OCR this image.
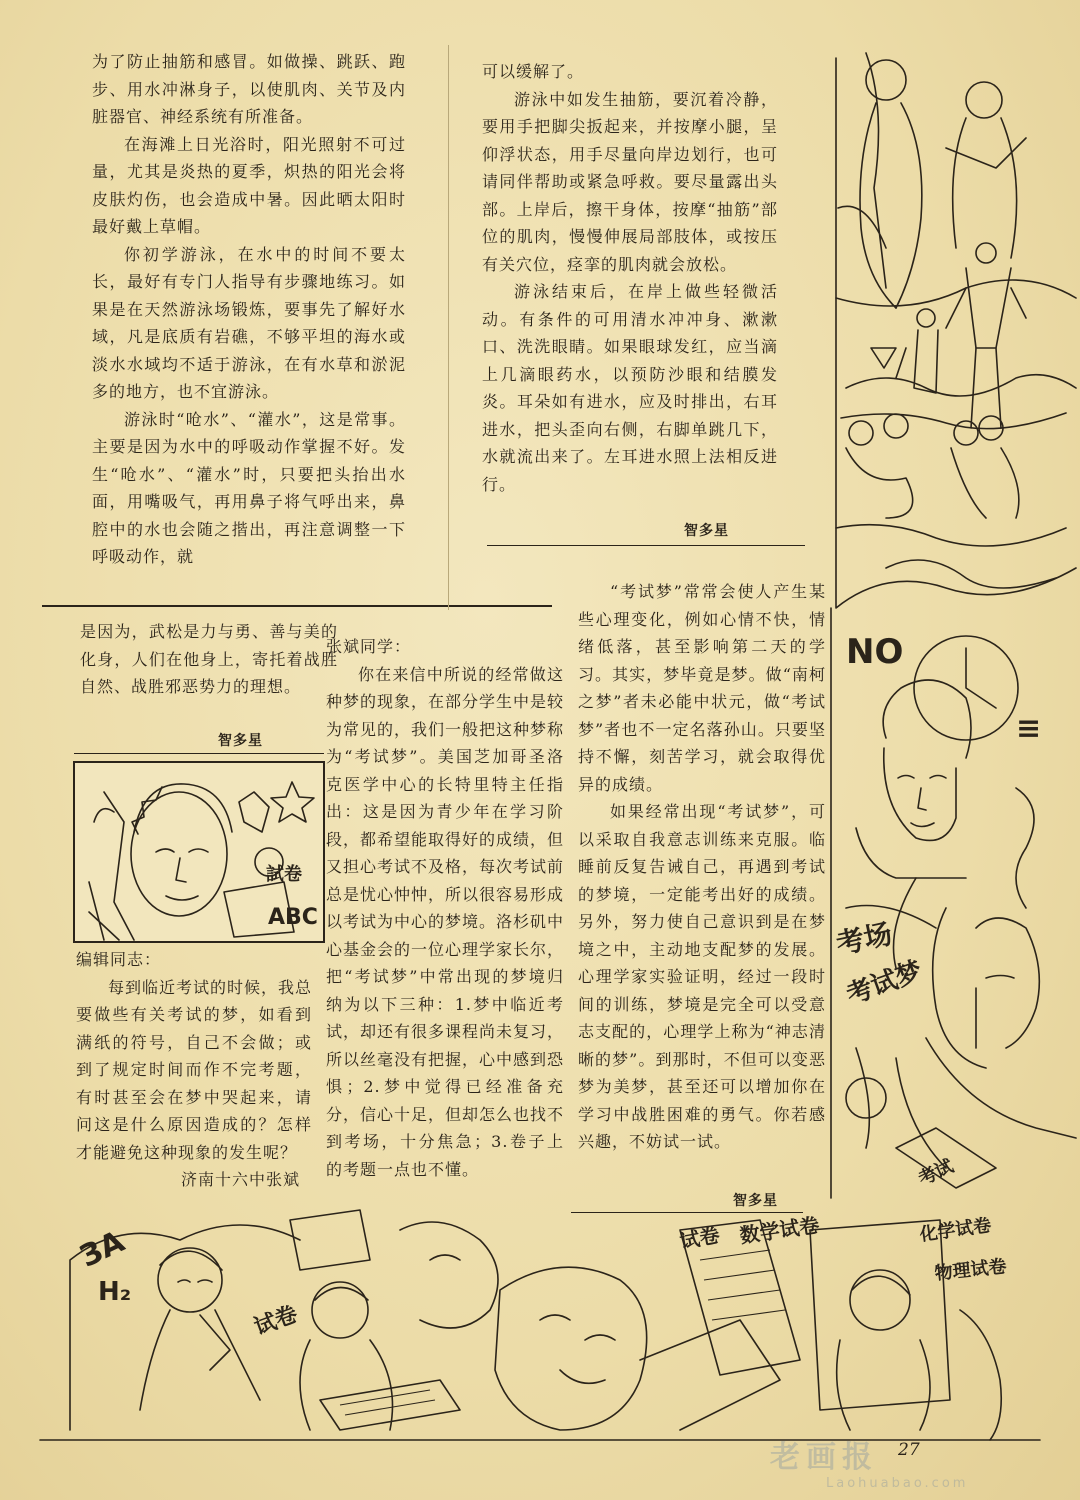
为了防止抽筋和感冒。如做操、跳跃、跑步、用水冲淋身子，以使肌肉、关节及内脏器官、神经系统有所准备。

在海滩上日光浴时，阳光照射不可过量，尤其是炎热的夏季，炽热的阳光会将皮肤灼伤，也会造成中暑。因此晒太阳时最好戴上草帽。

你初学游泳，在水中的时间不要太长，最好有专门人指导有步骤地练习。如果是在天然游泳场锻炼，要事先了解好水域，凡是底质有岩礁，不够平坦的海水或淡水水域均不适于游泳，在有水草和淤泥多的地方，也不宜游泳。

游泳时“呛水”、“灌水”，这是常事。主要是因为水中的呼吸动作掌握不好。发生“呛水”、“灌水”时，只要把头抬出水面，用嘴吸气，再用鼻子将气呼出来，鼻腔中的水也会随之揩出，再注意调整一下呼吸动作，就

可以缓解了。

游泳中如发生抽筋，要沉着冷静，要用手把脚尖扳起来，并按摩小腿，呈仰浮状态，用手尽量向岸边划行，也可请同伴帮助或紧急呼救。要尽量露出头部。上岸后，擦干身体，按摩“抽筋”部位的肌肉，慢慢伸展局部肢体，或按压有关穴位，痉挛的肌肉就会放松。

游泳结束后，在岸上做些轻微活动。有条件的可用清水冲冲身、漱漱口、洗洗眼睛。如果眼球发红，应当滴上几滴眼药水，以预防沙眼和结膜发炎。耳朵如有进水，应及时排出，右耳进水，把头歪向右侧，右脚单跳几下，水就流出来了。左耳进水照上法相反进行。

智多星

是因为，武松是力与勇、善与美的化身，人们在他身上，寄托着战胜自然、战胜邪恶势力的理想。

智多星
試卷
ABC

编辑同志：

每到临近考试的时候，我总要做些有关考试的梦，如看到满纸的符号，自己不会做；或到了规定时间而作不完考题，有时甚至会在梦中哭起来，请问这是什么原因造成的？怎样才能避免这种现象的发生呢？

济南十六中张斌

张斌同学：

你在来信中所说的经常做这种梦的现象，在部分学生中是较为常见的，我们一般把这种梦称为“考试梦”。美国芝加哥圣洛克医学中心的长特里特主任指出：这是因为青少年在学习阶段，都希望能取得好的成绩，但又担心考试不及格，每次考试前总是忧心忡忡，所以很容易形成以考试为中心的梦境。洛杉矶中心基金会的一位心理学家长尔，把“考试梦”中常出现的梦境归纳为以下三种：1.梦中临近考试，却还有很多课程尚未复习，所以丝毫没有把握，心中感到恐惧；2.梦中觉得已经准备充分，信心十足，但却怎么也找不到考场，十分焦急；3.卷子上的考题一点也不懂。

“考试梦”常常会使人产生某些心理变化，例如心情不快，情绪低落，甚至影响第二天的学习。其实，梦毕竟是梦。做“南柯之梦”者未必能中状元，做“考试梦”者也不一定名落孙山。只要坚持不懈，刻苦学习，就会取得优异的成绩。

如果经常出现“考试梦”，可以采取自我意志训练来克服。临睡前反复告诫自己，再遇到考试的梦境，一定能考出好的成绩。另外，努力使自己意识到是在梦境之中，主动地支配梦的发展。心理学家实验证明，经过一段时间的训练，梦境是完全可以受意志支配的，心理学上称为“神志清晰的梦”。到那时，不但可以变恶梦为美梦，甚至还可以增加你在学习中战胜困难的勇气。你若感兴趣，不妨试一试。

智多星
NO
≡
考场
考试梦
考试
ЗА
H₂
试卷
试卷 数学试卷	化学试卷
物理试卷
27
老画报
Laohuabao.com
